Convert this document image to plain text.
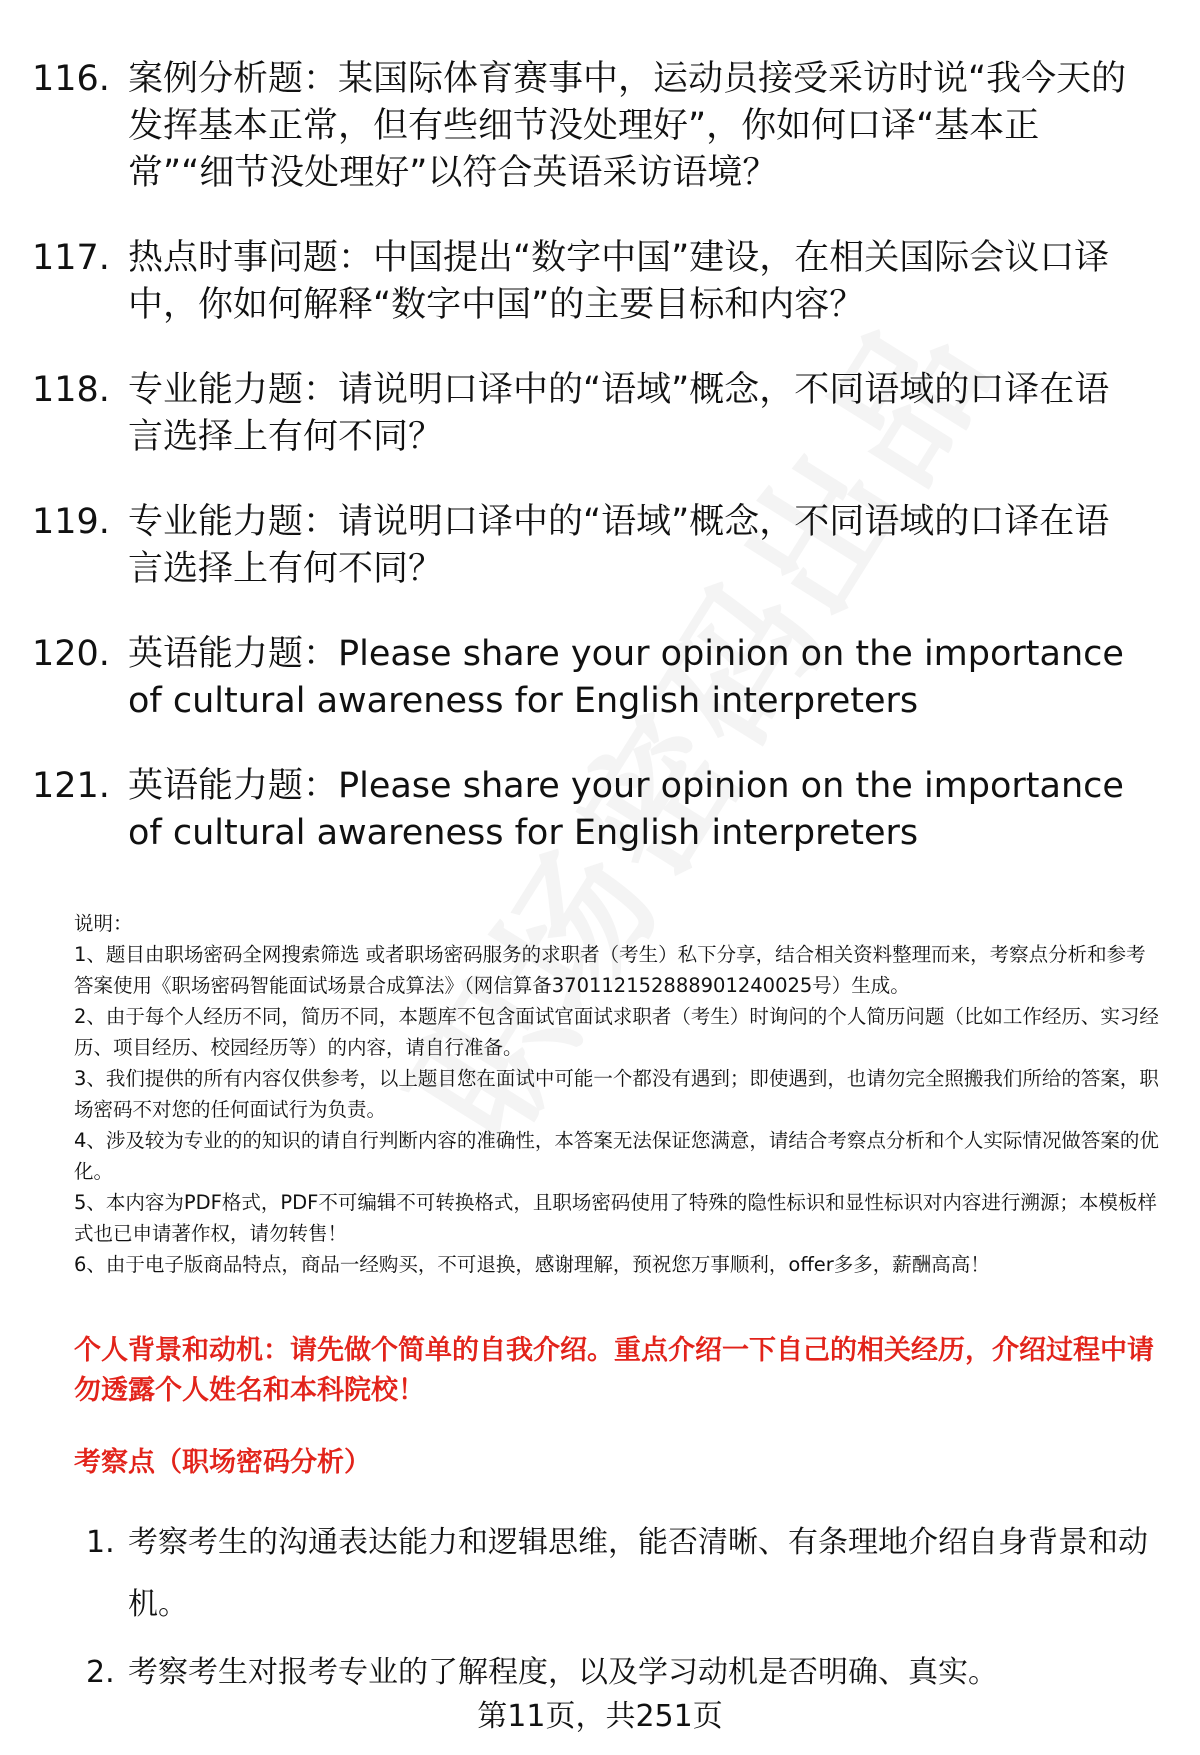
116. 案例分析题：某国际体育赛事中，运动员接受采访时说“我今天的发挥基本正常，但有些细节没处理好”，你如何口译“基本正常”“细节没处理好”以符合英语采访语境？
117. 热点时事问题：中国提出“数字中国”建设，在相关国际会议口译中，你如何解释“数字中国”的主要目标和内容？
118. 专业能力题：请说明口译中的“语域”概念，不同语域的口译在语言选择上有何不同？
119. 专业能力题：请说明口译中的“语域”概念，不同语域的口译在语言选择上有何不同？
120. 英语能力题：Please share your opinion on the importance of cultural awareness for English interpreters
121. 英语能力题：Please share your opinion on the importance of cultural awareness for English interpreters
说明：
1、题目由职场密码全网搜索筛选 或者职场密码服务的求职者（考生）私下分享，结合相关资料整理而来，考察点分析和参考答案使用《职场密码智能面试场景合成算法》（网信算备370112152888901240025号）生成。
2、由于每个人经历不同，简历不同，本题库不包含面试官面试求职者（考生）时询问的个人简历问题（比如工作经历、实习经历、项目经历、校园经历等）的内容，请自行准备。
3、我们提供的所有内容仅供参考，以上题目您在面试中可能一个都没有遇到；即使遇到，也请勿完全照搬我们所给的答案，职场密码不对您的任何面试行为负责。
4、涉及较为专业的的知识的请自行判断内容的准确性，本答案无法保证您满意，请结合考察点分析和个人实际情况做答案的优化。
5、本内容为PDF格式，PDF不可编辑不可转换格式，且职场密码使用了特殊的隐性标识和显性标识对内容进行溯源；本模板样式也已申请著作权，请勿转售！
6、由于电子版商品特点，商品一经购买，不可退换，感谢理解，预祝您万事顺利，offer多多，薪酬高高！
个人背景和动机：请先做个简单的自我介绍。重点介绍一下自己的相关经历，介绍过程中请勿透露个人姓名和本科院校！
考察点（职场密码分析）
1. 考察考生的沟通表达能力和逻辑思维，能否清晰、有条理地介绍自身背景和动机。
2. 考察考生对报考专业的了解程度，以及学习动机是否明确、真实。
第11页，共251页
